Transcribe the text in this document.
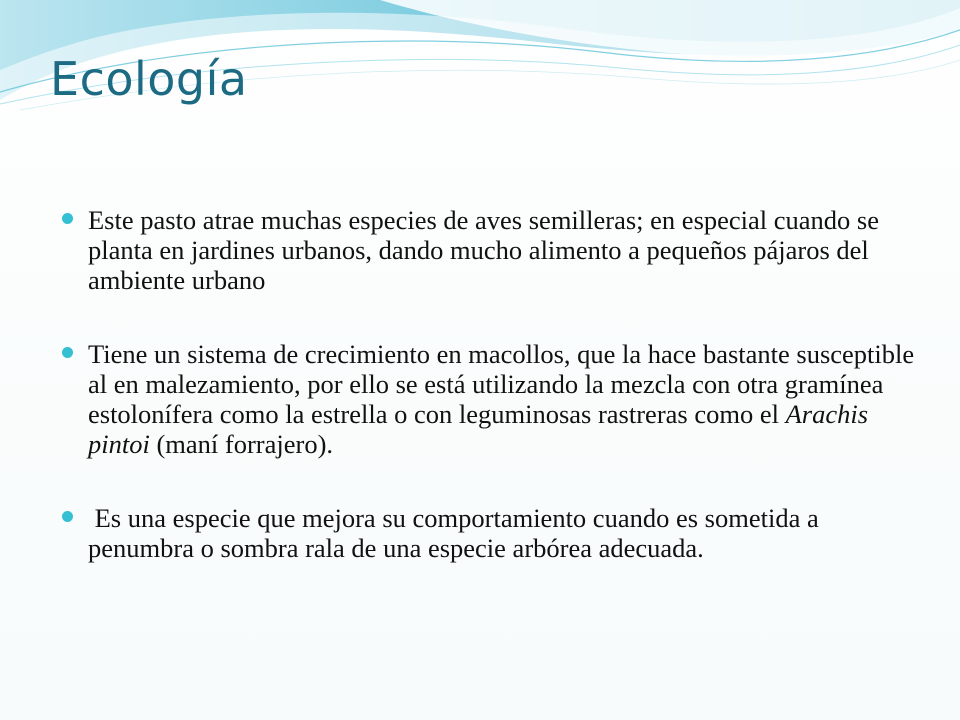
Ecología
Este pasto atrae muchas especies de aves semilleras; en especial cuando se planta en jardines urbanos, dando mucho alimento a pequeños pájaros del ambiente urbano
Tiene un sistema de crecimiento en macollos, que la hace bastante susceptible al en malezamiento, por ello se está utilizando la mezcla con otra gramínea estolonífera como la estrella o con leguminosas rastreras como el Arachis pintoi (maní forrajero).
Es una especie que mejora su comportamiento cuando es sometida a penumbra o sombra rala de una especie arbórea adecuada.
